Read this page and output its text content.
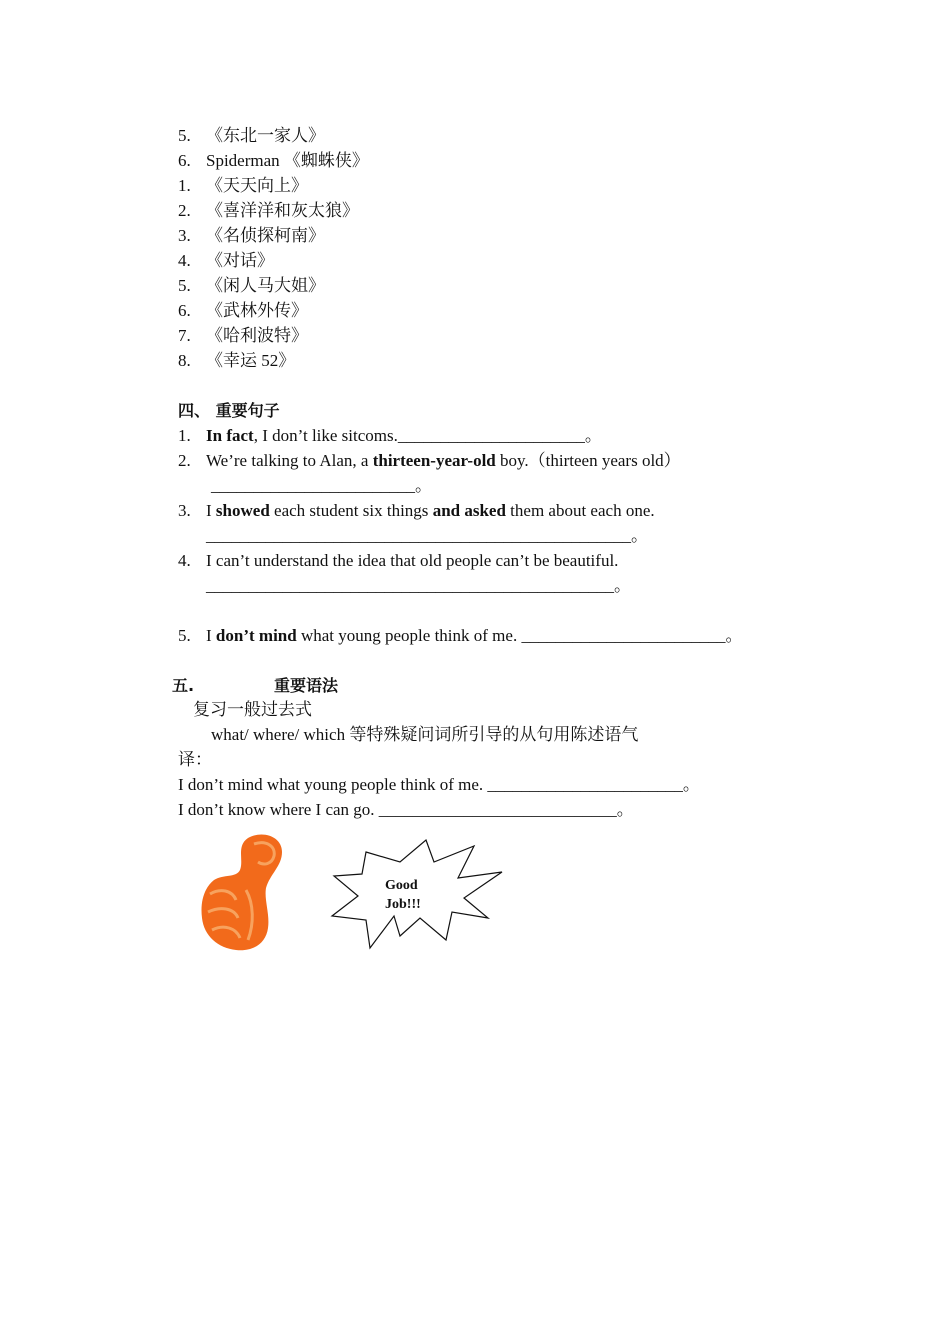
5. 《东北一家人》
6. Spiderman 《蜘蛛侠》
1. 《天天向上》
2. 《喜洋洋和灰太狼》
3. 《名侦探柯南》
4. 《对话》
5. 《闲人马大姐》
6. 《武林外传》
7. 《哈利波特》
8. 《幸运 52》
四、 重要句子
1. In fact, I don’t like sitcoms.______________________。
2. We’re talking to Alan, a thirteen-year-old boy.（thirteen years old）
________________________。
3. I showed each student six things and asked them about each one.
__________________________________________________。
4. I can’t understand the idea that old people can’t be beautiful.
________________________________________________。
5. I don’t mind what young people think of me. ________________________。
五.	重要语法
复习一般过去式
what/ where/ which 等特殊疑问词所引导的从句用陈述语气
译：
I don’t mind what young people think of me. _______________________。
I don’t know where I can go. ____________________________。
Good
Job!!!
